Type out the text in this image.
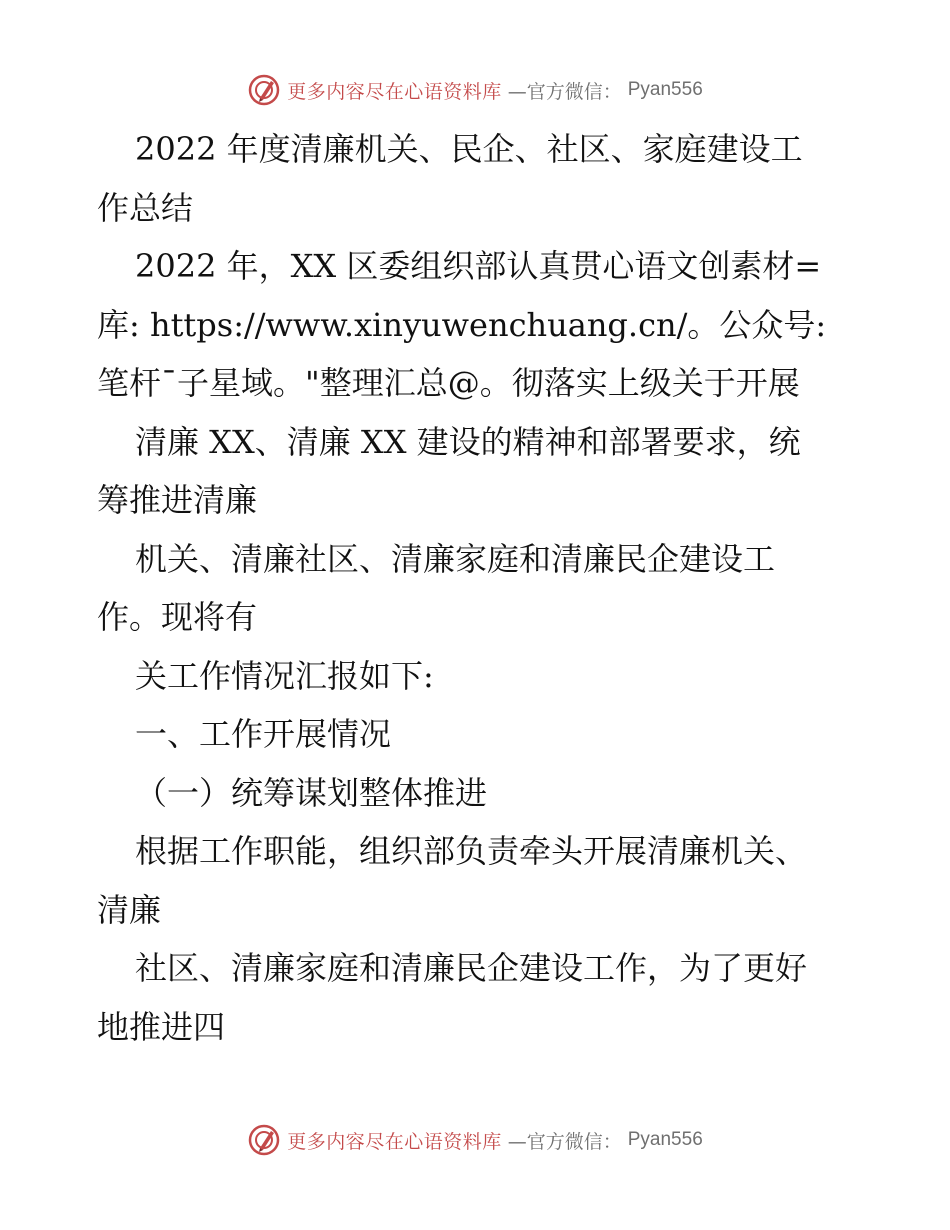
更多内容尽在心语资料库 —官方微信： Pyan556
2022 年度清廉机关、民企、社区、家庭建设工
作总结
2022 年，XX 区委组织部认真贯心语文创素材=
库: https://www.xinyuwenchuang.cn/。公众号:
笔杆¯子星域。"整理汇总@。彻落实上级关于开展
清廉 XX、清廉 XX 建设的精神和部署要求，统
筹推进清廉
机关、清廉社区、清廉家庭和清廉民企建设工
作。现将有
关工作情况汇报如下:
一、工作开展情况
（一）统筹谋划整体推进
根据工作职能，组织部负责牵头开展清廉机关、
清廉
社区、清廉家庭和清廉民企建设工作，为了更好
地推进四
更多内容尽在心语资料库 —官方微信： Pyan556
